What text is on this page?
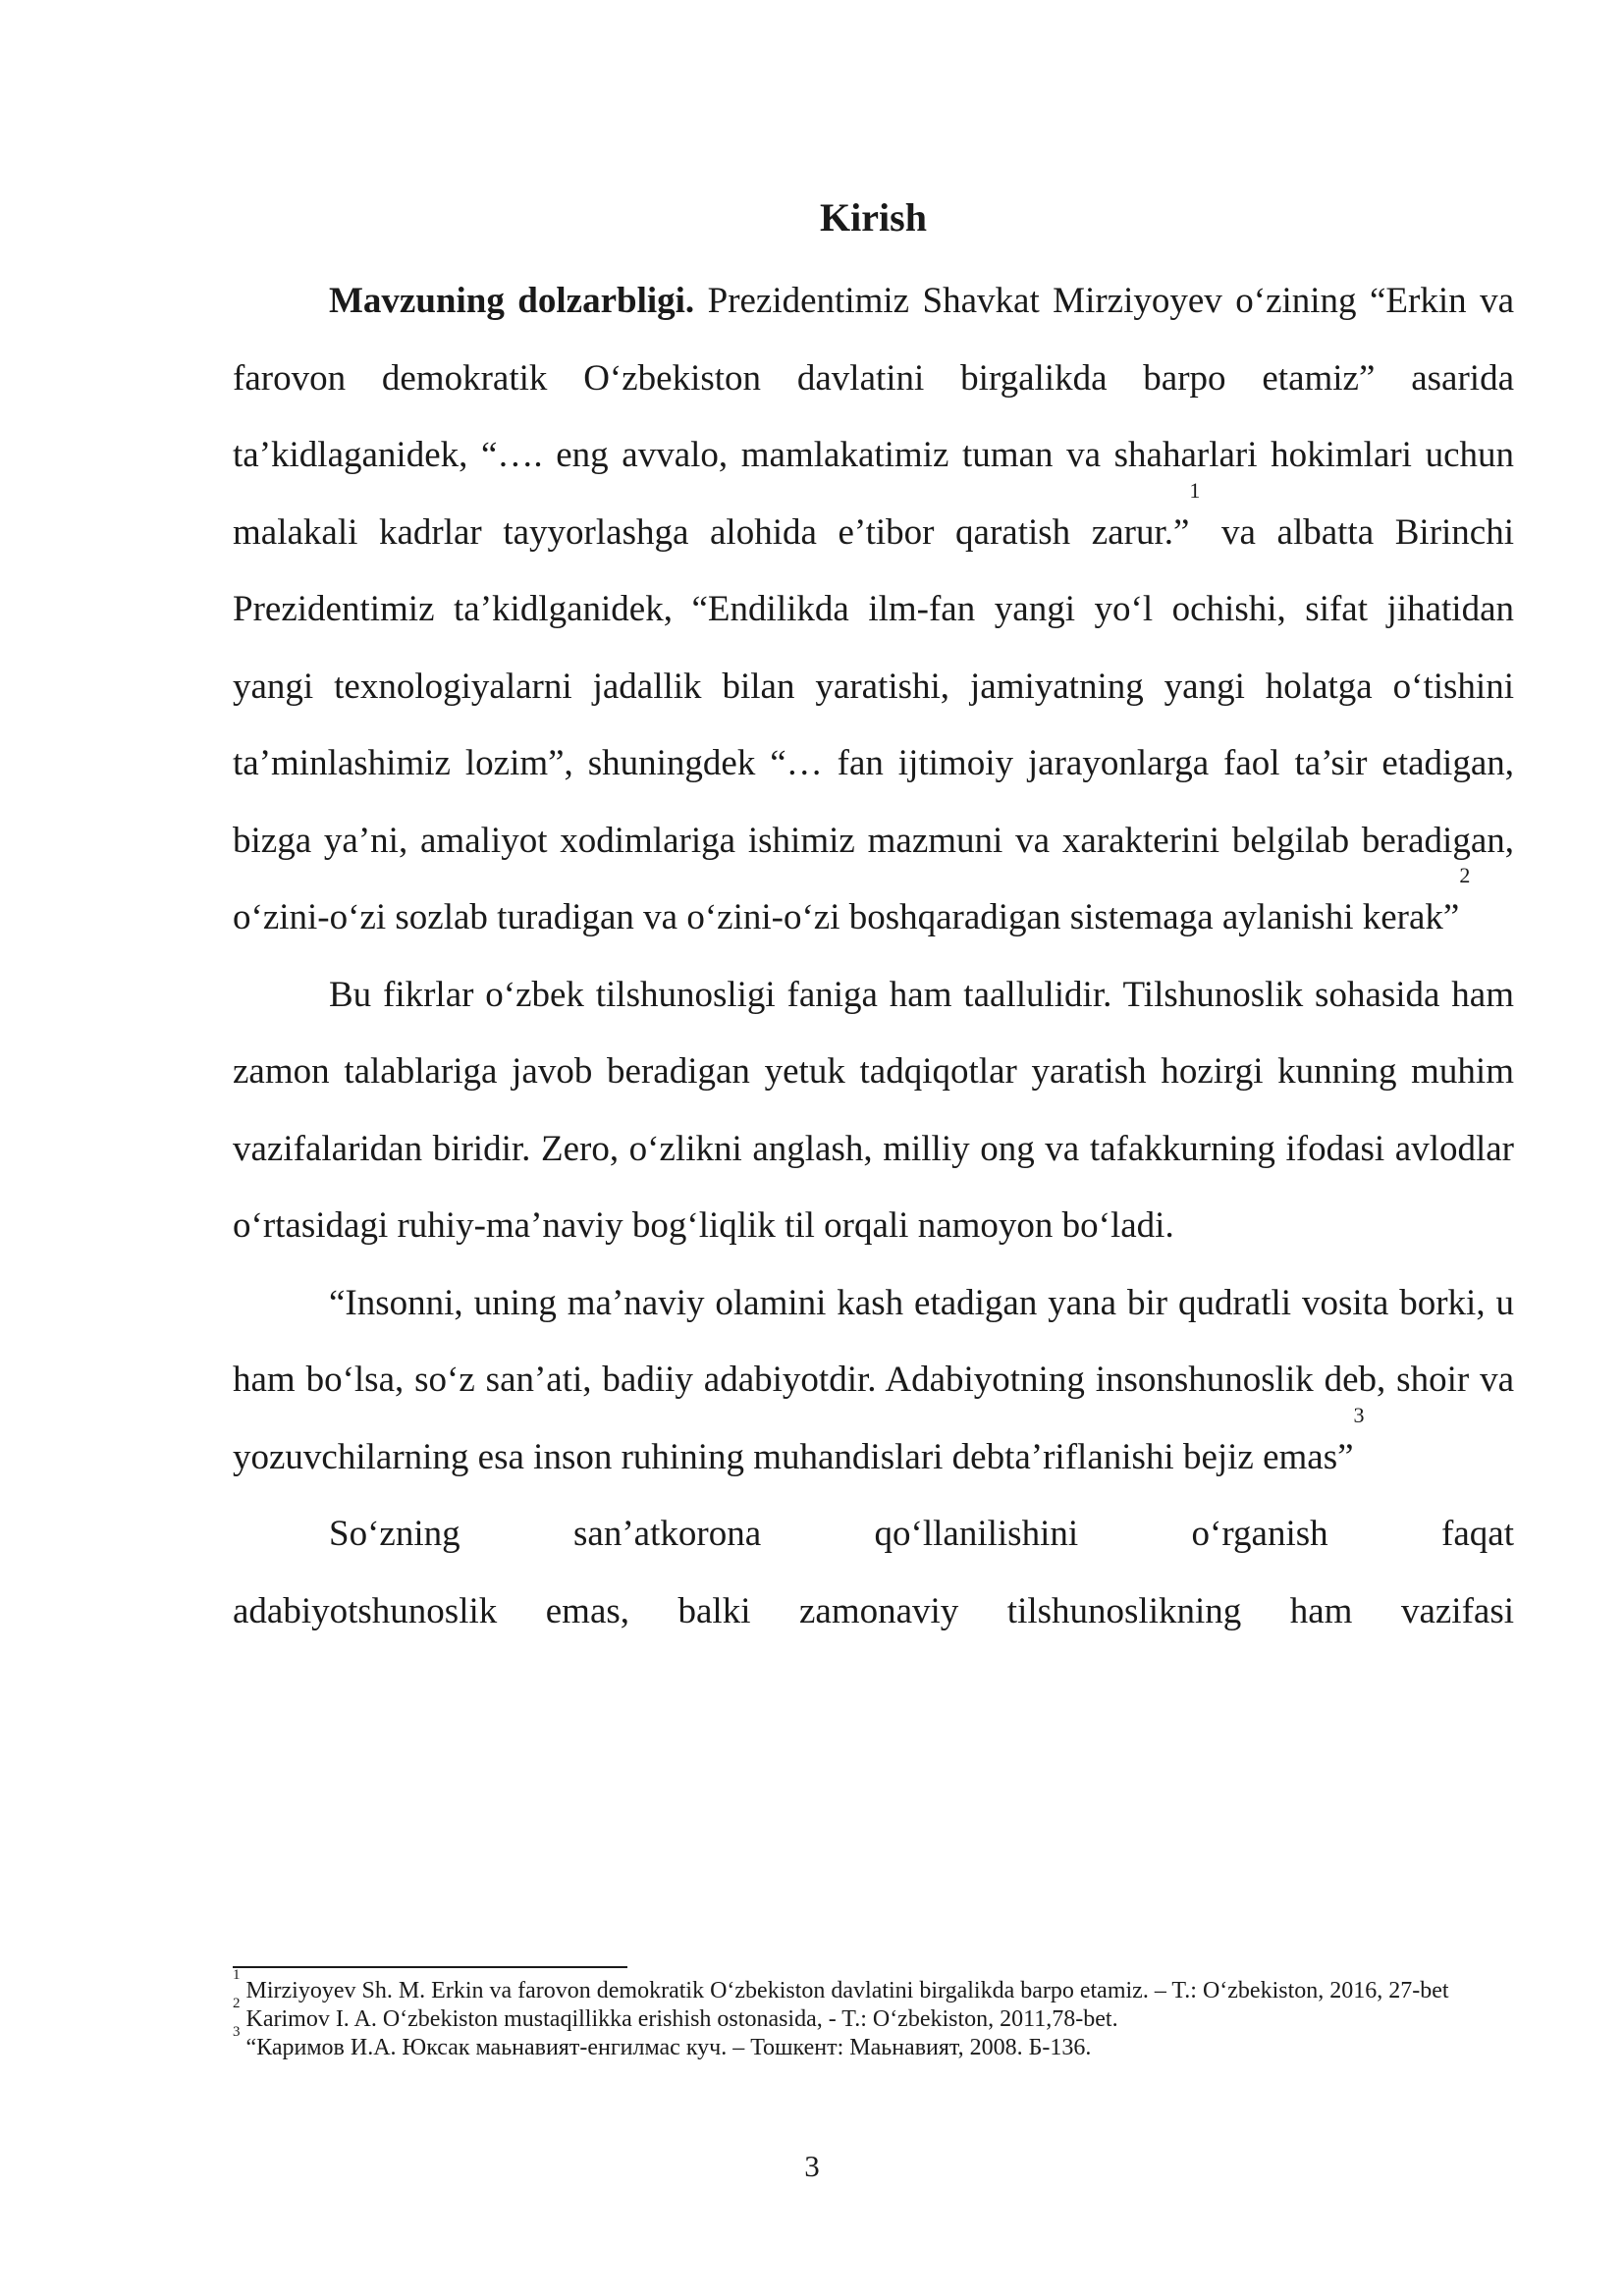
Kirish

Mavzuning dolzarbligi. Prezidentimiz Shavkat Mirziyoyev o‘zining “Erkin va farovon demokratik O‘zbekiston davlatini birgalikda barpo etamiz” asarida ta’kidlaganidek, “…. eng avvalo, mamlakatimiz tuman va shaharlari hokimlari uchun malakali kadrlar tayyorlashga alohida e’tibor qaratish zarur.”$^1$ va albatta Birinchi Prezidentimiz ta’kidlganidek, “Endilikda ilm-fan yangi yo‘l ochishi, sifat jihatidan yangi texnologiyalarni jadallik bilan yaratishi, jamiyatning yangi holatga o‘tishini ta’minlashimiz lozim”, shuningdek “… fan ijtimoiy jarayonlarga faol ta’sir etadigan, bizga ya’ni, amaliyot xodimlariga ishimiz mazmuni va xarakterini belgilab beradigan, o‘zini-o‘zi sozlab turadigan va o‘zini-o‘zi boshqaradigan sistemaga aylanishi kerak”$^2$

Bu fikrlar o‘zbek tilshunosligi faniga ham taallulidir. Tilshunoslik sohasida ham zamon talablariga javob beradigan yetuk tadqiqotlar yaratish hozirgi kunning muhim vazifalaridan biridir. Zero, o‘zlikni anglash, milliy ong va tafakkurning ifodasi avlodlar o‘rtasidagi ruhiy-ma’naviy bog‘liqlik til orqali namoyon bo‘ladi.

“Insonni, uning ma’naviy olamini kash etadigan yana bir qudratli vosita borki, u ham bo‘lsa, so‘z san’ati, badiiy adabiyotdir. Adabiyotning insonshunoslik deb, shoir va yozuvchilarning esa inson ruhining muhandislari debta’riflanishi bejiz emas”$^3$

So‘zning san’atkorona qo‘llanilishini o‘rganish faqat
adabiyotshunoslik emas, balki zamonaviy tilshunoslikning ham vazifasi

$^1$ Mirziyoyev Sh. M. Erkin va farovon demokratik O‘zbekiston davlatini birgalikda barpo etamiz. – T.: O‘zbekiston, 2016, 27-bet

$^2$ Karimov I. A. O‘zbekiston mustaqillikka erishish ostonasida, - T.: O‘zbekiston, 2011,78-bet.

$^3$ “Каримов И.А. Юксак маьнавият-енгилмас куч. – Тошкент: Маьнавият, 2008. Б-136.

3
